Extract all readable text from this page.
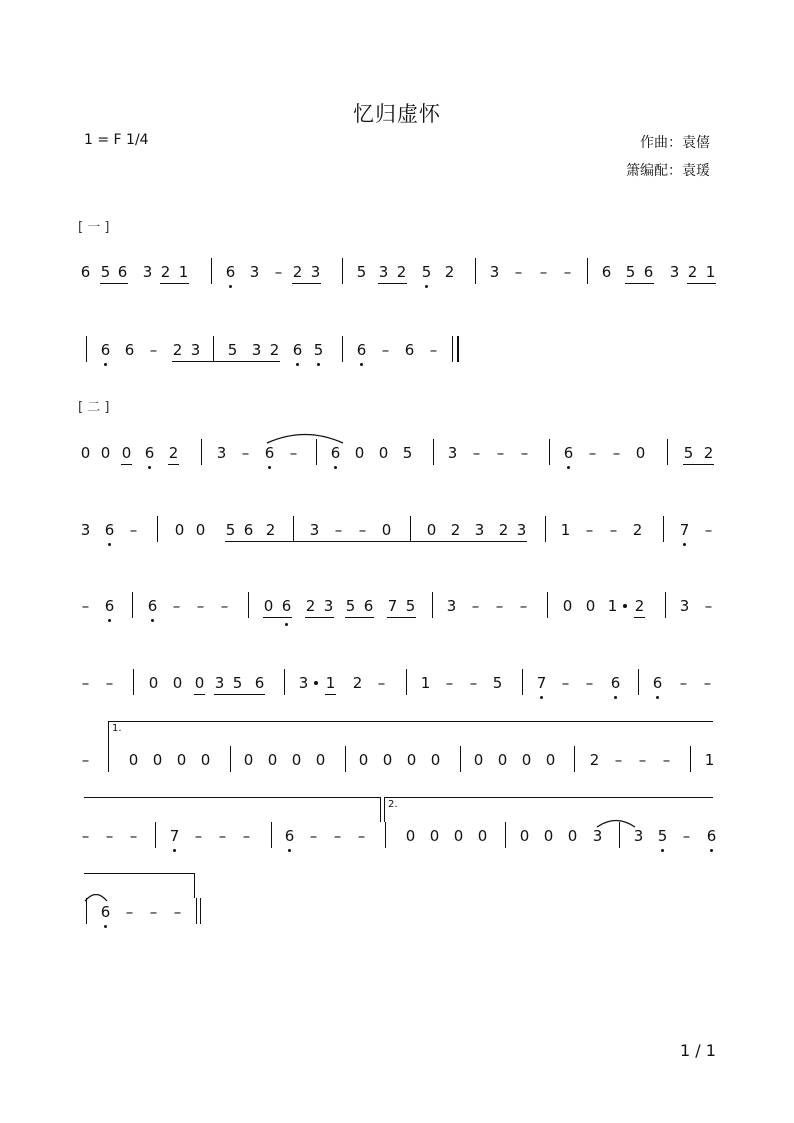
忆归虚怀
1 = F 1/4	作曲：袁僖
箫编配：袁瑗
[ 一 ]
[ 二 ]
6 5 6 3 2 1 6 3 – 2 3 5 3 2 5 2 3 – – – 6 5 6 3 2 1
6 6 – 2 3 5 3 2 6 5 6 – 6 –
0 0 0 6 2	3 – 6 – 6 0 0 5 3 – – – 6 – – 0	5 2
3 6 – 0 0 5 6 2 3 – – 0 0 2 3 2 3 1 – – 2 7 –
– 6 6 – – – 0 6 2 3 5 6 7 5 3 – – – 0 0 1 2 3 –
– – 0 0 0 3 5 6 3 1 2 – 1 – – 5 7 – – 6 6 – –
–	0 0 0 0 0 0 0 0 0 0 0 0 0 0 0 0 2 – – – 1
– – – 7 – – – 6 – – –	0 0 0 0 0 0 0 3 3 5 – 6
6 – – –
1.
2.
1 / 1
